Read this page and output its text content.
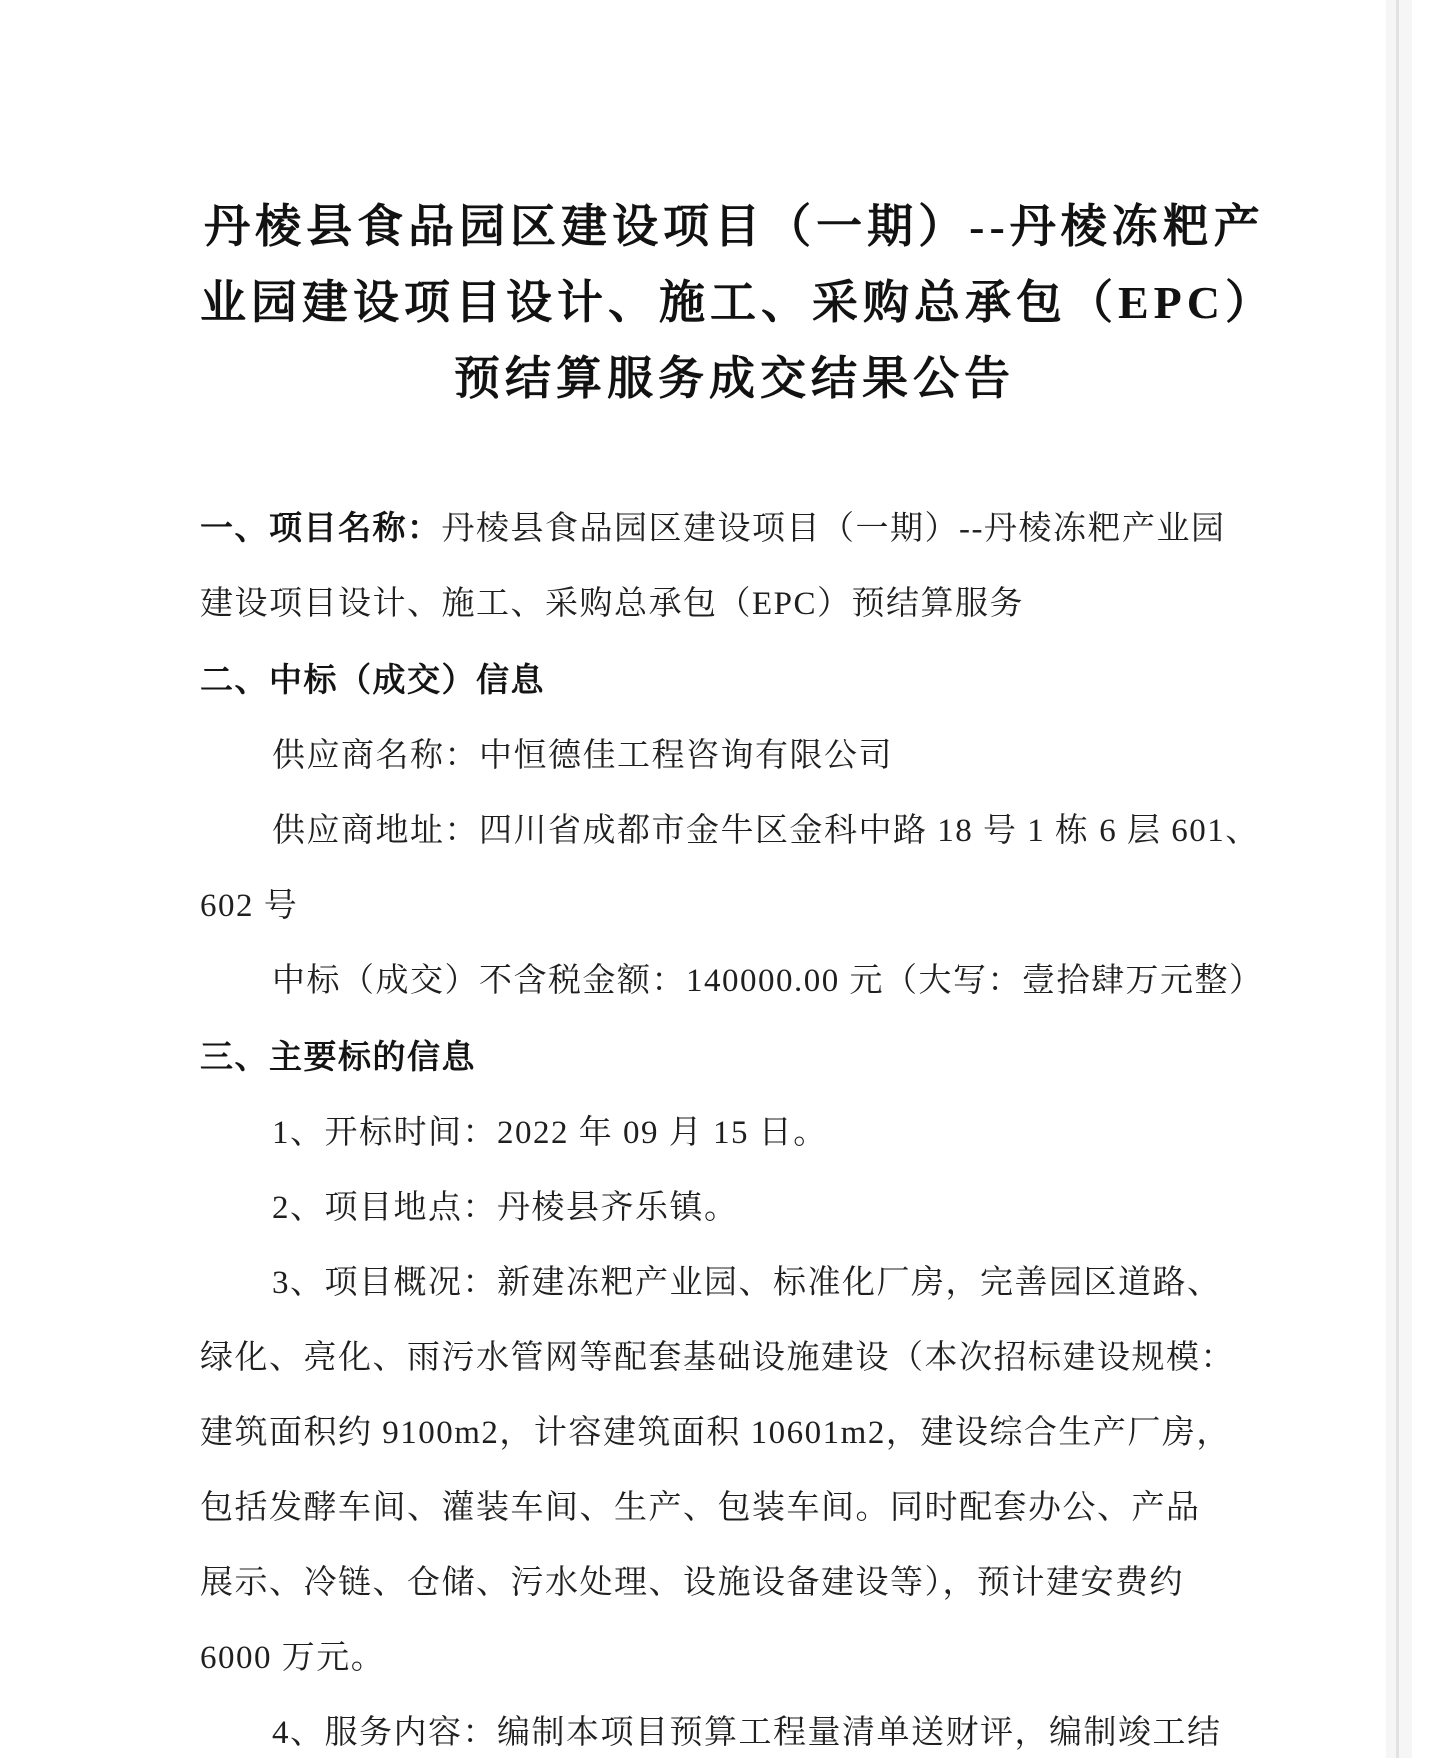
丹棱县食品园区建设项目（一期）--丹棱冻粑产
业园建设项目设计、施工、采购总承包（EPC）
预结算服务成交结果公告
一、项目名称：丹棱县食品园区建设项目（一期）--丹棱冻粑产业园
建设项目设计、施工、采购总承包（EPC）预结算服务
二、中标（成交）信息
供应商名称：中恒德佳工程咨询有限公司
供应商地址：四川省成都市金牛区金科中路 18 号 1 栋 6 层 601、
602 号
中标（成交）不含税金额：140000.00 元（大写：壹拾肆万元整）
三、主要标的信息
1、开标时间：2022 年 09 月 15 日。
2、项目地点：丹棱县齐乐镇。
3、项目概况：新建冻粑产业园、标准化厂房，完善园区道路、
绿化、亮化、雨污水管网等配套基础设施建设（本次招标建设规模：
建筑面积约 9100m2，计容建筑面积 10601m2，建设综合生产厂房，
包括发酵车间、灌装车间、生产、包装车间。同时配套办公、产品
展示、冷链、仓储、污水处理、设施设备建设等），预计建安费约
6000 万元。
4、服务内容：编制本项目预算工程量清单送财评，编制竣工结
